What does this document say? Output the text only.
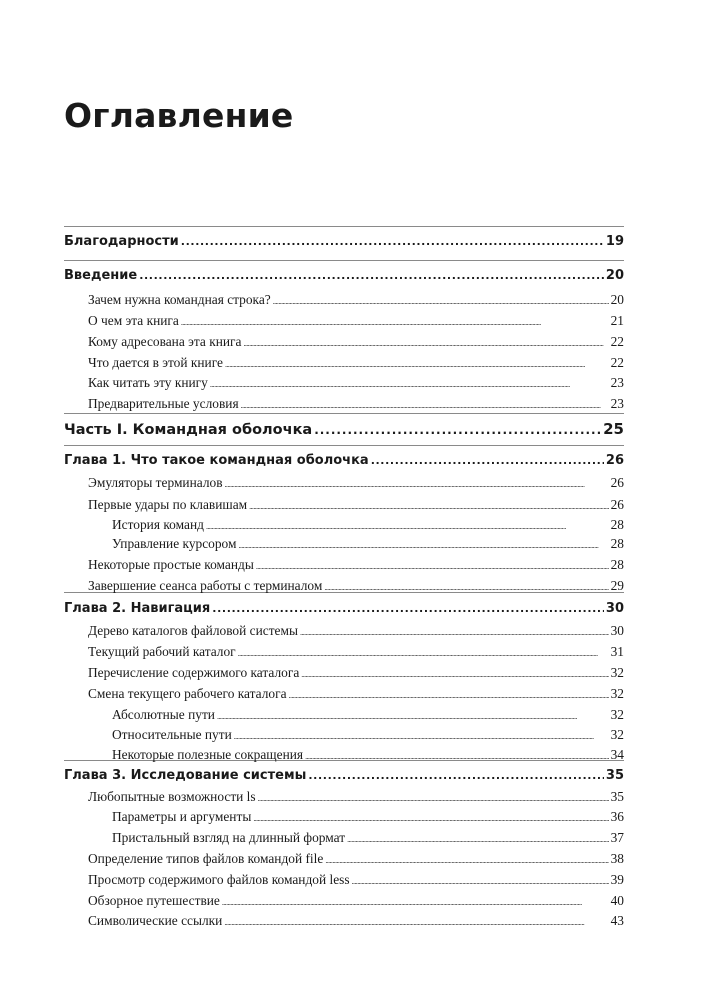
Оглавление
Благодарности . . .	19
Введение . . .	20
Зачем нужна командная строка? . . .	20
О чем эта книга . . .	21
Кому адресована эта книга . . .	22
Что дается в этой книге . . .	22
Как читать эту книгу . . .	23
Предварительные условия . . .	23
Часть I. Командная оболочка . . .	25
Глава 1. Что такое командная оболочка . . .	26
Эмуляторы терминалов . . .	26
Первые удары по клавишам . . .	26
История команд . . .	28
Управление курсором . . .	28
Некоторые простые команды . . .	28
Завершение сеанса работы с терминалом . . .	29
Глава 2. Навигация . . .	30
Дерево каталогов файловой системы . . .	30
Текущий рабочий каталог . . .	31
Перечисление содержимого каталога . . .	32
Смена текущего рабочего каталога . . .	32
Абсолютные пути . . .	32
Относительные пути . . .	32
Некоторые полезные сокращения . . .	34
Глава 3. Исследование системы . . .	35
Любопытные возможности ls . . .	35
Параметры и аргументы . . .	36
Пристальный взгляд на длинный формат . . .	37
Определение типов файлов командой file . . .	38
Просмотр содержимого файлов командой less . . .	39
Обзорное путешествие . . .	40
Символические ссылки . . .	43
